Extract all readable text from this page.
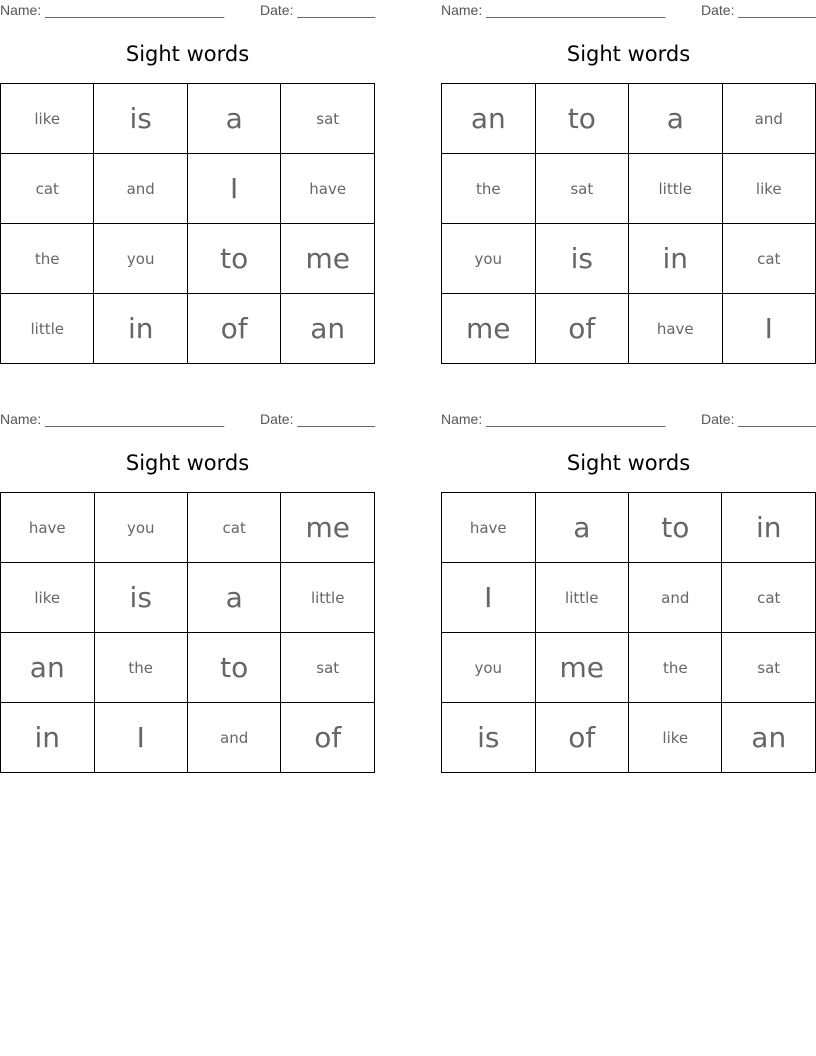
Name: _______________________	Date: __________
Sight words
like	is	a	sat
cat	and	I	have
the	you	to	me
little	in	of	an
Name: _______________________	Date: __________
Sight words
an	to	a	and
the	sat	little	like
you	is	in	cat
me	of	have	I
Name: _______________________	Date: __________
Sight words
have	you	cat	me
like	is	a	little
an	the	to	sat
in	I	and	of
Name: _______________________	Date: __________
Sight words
have	a	to	in
I	little	and	cat
you	me	the	sat
is	of	like	an
